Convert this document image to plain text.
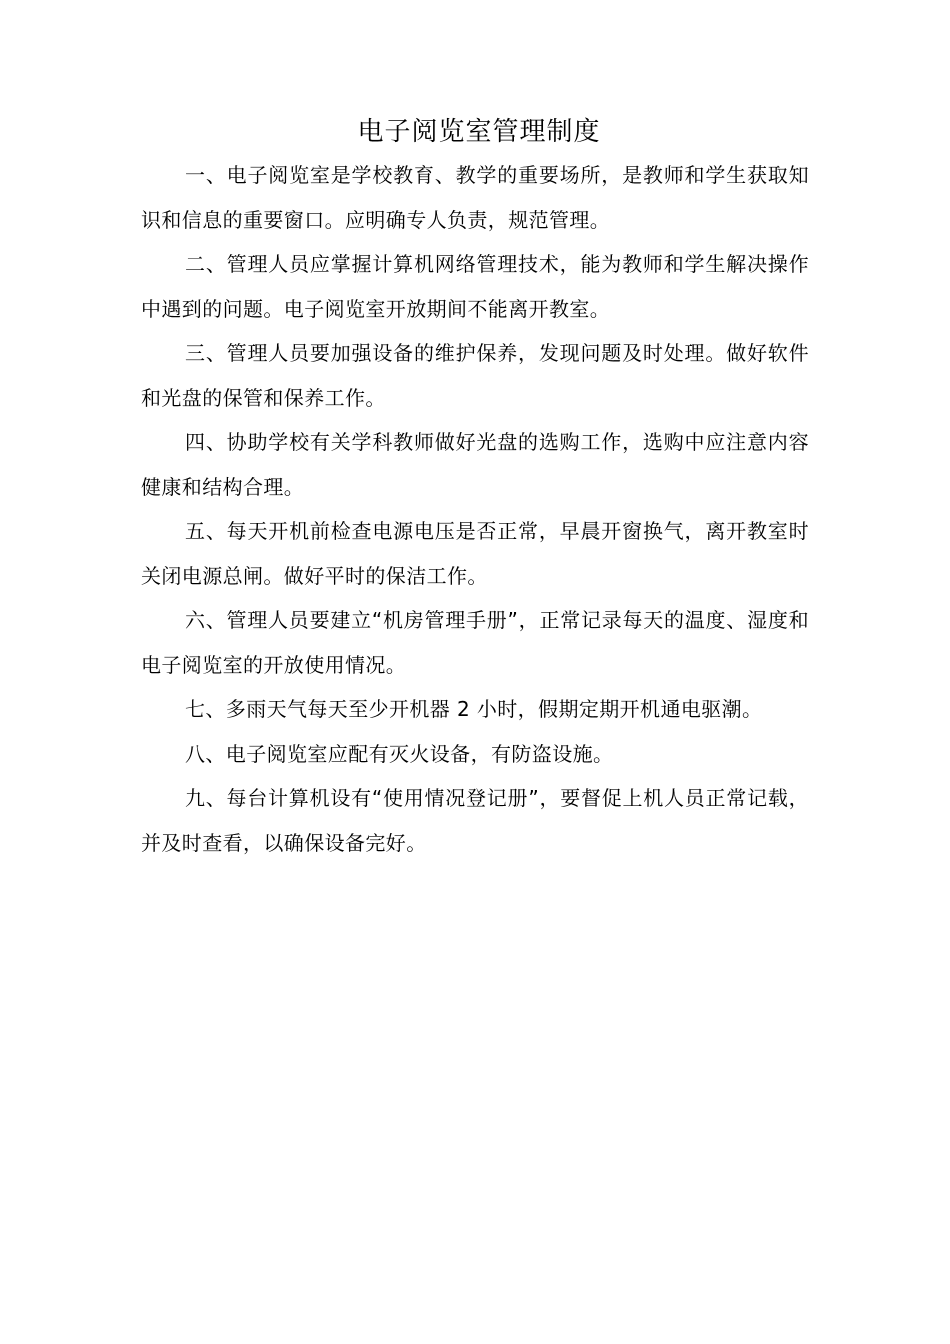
电子阅览室管理制度

一、电子阅览室是学校教育、教学的重要场所，是教师和学生获取知识和信息的重要窗口。应明确专人负责，规范管理。

二、管理人员应掌握计算机网络管理技术，能为教师和学生解决操作中遇到的问题。电子阅览室开放期间不能离开教室。

三、管理人员要加强设备的维护保养，发现问题及时处理。做好软件和光盘的保管和保养工作。

四、协助学校有关学科教师做好光盘的选购工作，选购中应注意内容健康和结构合理。

五、每天开机前检查电源电压是否正常，早晨开窗换气，离开教室时关闭电源总闸。做好平时的保洁工作。

六、管理人员要建立“机房管理手册”，正常记录每天的温度、湿度和电子阅览室的开放使用情况。

七、多雨天气每天至少开机器 2 小时，假期定期开机通电驱潮。

八、电子阅览室应配有灭火设备，有防盗设施。

九、每台计算机设有“使用情况登记册”，要督促上机人员正常记载，并及时查看，以确保设备完好。
